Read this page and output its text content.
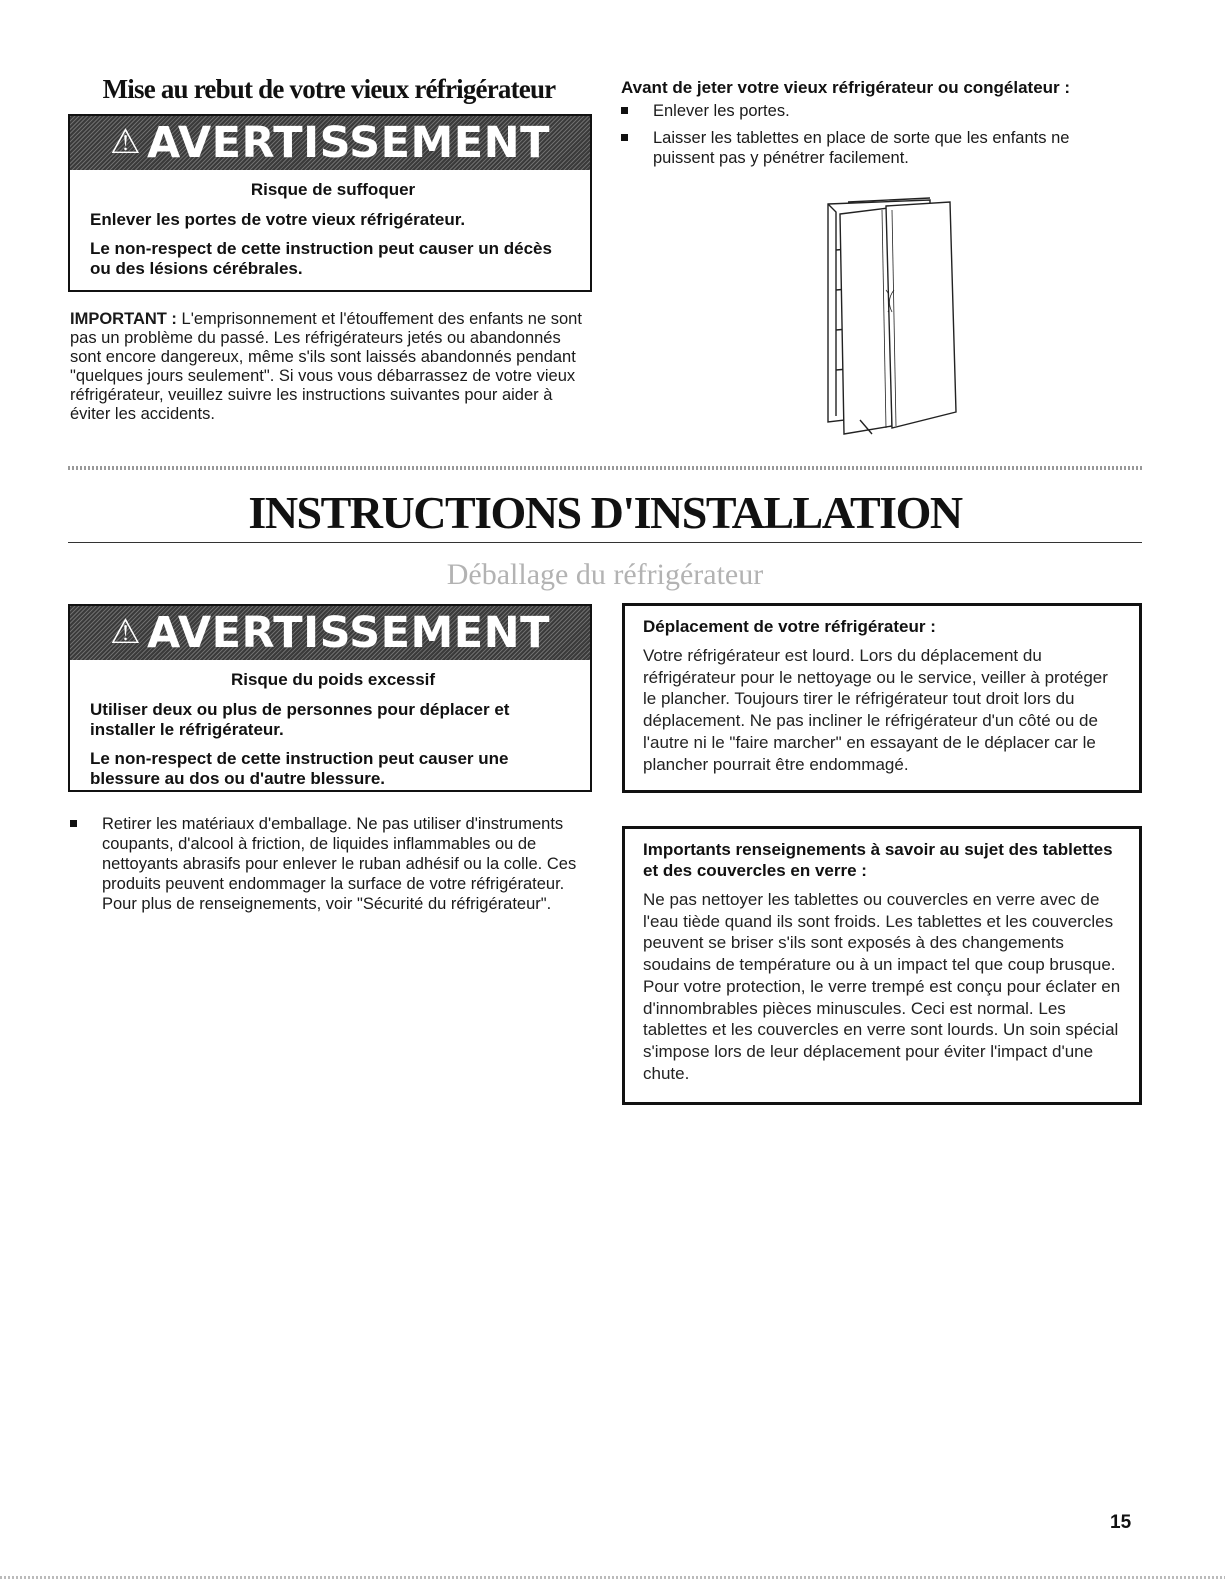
Mise au rebut de votre vieux réfrigérateur
⚠ AVERTISSEMENT
Risque de suffoquer

Enlever les portes de votre vieux réfrigérateur.

Le non-respect de cette instruction peut causer un décès ou des lésions cérébrales.

IMPORTANT : L'emprisonnement et l'étouffement des enfants ne sont pas un problème du passé. Les réfrigérateurs jetés ou abandonnés sont encore dangereux, même s'ils sont laissés abandonnés pendant "quelques jours seulement". Si vous vous débarrassez de votre vieux réfrigérateur, veuillez suivre les instructions suivantes pour aider à éviter les accidents.
Avant de jeter votre vieux réfrigérateur ou congélateur :
Enlever les portes.
Laisser les tablettes en place de sorte que les enfants ne puissent pas y pénétrer facilement.
INSTRUCTIONS D'INSTALLATION
Déballage du réfrigérateur
⚠ AVERTISSEMENT
Risque du poids excessif

Utiliser deux ou plus de personnes pour déplacer et installer le réfrigérateur.

Le non-respect de cette instruction peut causer une blessure au dos ou d'autre blessure.

Retirer les matériaux d'emballage. Ne pas utiliser d'instruments coupants, d'alcool à friction, de liquides inflammables ou de nettoyants abrasifs pour enlever le ruban adhésif ou la colle. Ces produits peuvent endommager la surface de votre réfrigérateur. Pour plus de renseignements, voir "Sécurité du réfrigérateur".
Déplacement de votre réfrigérateur :

Votre réfrigérateur est lourd. Lors du déplacement du réfrigérateur pour le nettoyage ou le service, veiller à protéger le plancher. Toujours tirer le réfrigérateur tout droit lors du déplacement. Ne pas incliner le réfrigérateur d'un côté ou de l'autre ni le "faire marcher" en essayant de le déplacer car le plancher pourrait être endommagé.

Importants renseignements à savoir au sujet des tablettes et des couvercles en verre :

Ne pas nettoyer les tablettes ou couvercles en verre avec de l'eau tiède quand ils sont froids. Les tablettes et les couvercles peuvent se briser s'ils sont exposés à des changements soudains de température ou à un impact tel que coup brusque. Pour votre protection, le verre trempé est conçu pour éclater en d'innombrables pièces minuscules. Ceci est normal. Les tablettes et les couvercles en verre sont lourds. Un soin spécial s'impose lors de leur déplacement pour éviter l'impact d'une chute.

15
